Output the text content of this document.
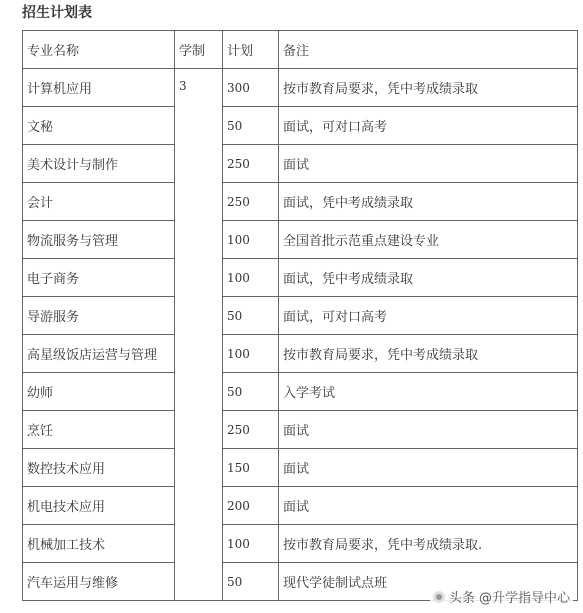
招生计划表
专业名称	学制	计划	备注
计算机应用	3	300	按市教育局要求，凭中考成绩录取
文秘		50	面试，可对口高考
美术设计与制作		250	面试
会计		250	面试，凭中考成绩录取
物流服务与管理		100	全国首批示范重点建设专业
电子商务		100	面试，凭中考成绩录取
导游服务		50	面试，可对口高考
高星级饭店运营与管理		100	按市教育局要求，凭中考成绩录取
幼师		50	入学考试
烹饪		250	面试
数控技术应用		150	面试
机电技术应用		200	面试
机械加工技术		100	按市教育局要求，凭中考成绩录取.
汽车运用与维修		50	现代学徒制试点班
头条 @升学指导中心
